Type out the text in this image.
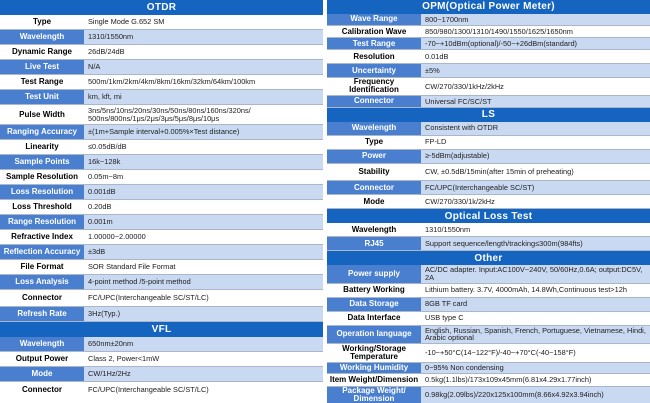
OTDR
Type	Single Mode G.652 SM
Wavelength	1310/1550nm
Dynamic Range	26dB/24dB
Live Test	N/A
Test Range	500m/1km/2km/4km/8km/16km/32km/64km/100km
Test Unit	km, kft, mi
Pulse Width	3ns/5ns/10ns/20ns/30ns/50ns/80ns/160ns/320ns/ 500ns/800ns/1μs/2μs/3μs/5μs/8μs/10μs
Ranging Accuracy	±(1m+Sample interval+0.005%×Test distance)
Linearity	≤0.05dB/dB
Sample Points	16k~128k
Sample Resolution	0.05m~8m
Loss Resolution	0.001dB
Loss Threshold	0.20dB
Range Resolution	0.001m
Refractive Index	1.00000~2.00000
Reflection Accuracy	±3dB
File Format	SOR Standard File Format
Loss Analysis	4-point method /5-point method
Connector	FC/UPC(Interchangeable SC/ST/LC)
Refresh Rate	3Hz(Typ.)
VFL
Wavelength	650nm±20nm
Output Power	Class 2, Power<1mW
Mode	CW/1Hz/2Hz
Connector	FC/UPC(Interchangeable SC/ST/LC)
OPM(Optical Power Meter)
Wave Range	800~1700nm
Calibration Wave	850/980/1300/1310/1490/1550/1625/1650nm
Test Range	-70~+10dBm(optional)/-50~+26dBm(standard)
Resolution	0.01dB
Uncertainty	±5%
Frequency Identification	CW/270/330/1kHz/2kHz
Connector	Universal FC/SC/ST
LS
Wavelength	Consistent with OTDR
Type	FP-LD
Power	≥-5dBm(adjustable)
Stability	CW, ±0.5dB/15min(after 15min of preheating)
Connector	FC/UPC(Interchangeable SC/ST)
Mode	CW/270/330/1k/2kHz
Optical Loss Test
Wavelength	1310/1550nm
RJ45	Support sequence/length/tracking≤300m(984fts)
Other
Power supply	AC/DC adapter. Input:AC100V~240V, 50/60Hz,0.6A; output:DC5V, 2A
Battery Working	Lithium battery. 3.7V, 4000mAh, 14.8Wh,Continuous test>12h
Data Storage	8GB TF card
Data Interface	USB type C
Operation language	English, Russian, Spanish, French, Portuguese, Vietnamese, Hindi, Arabic optional
Working/Storage Temperature	-10~+50°C(14~122°F)/-40~+70°C(-40~158°F)
Working Humidity	0~95% Non condensing
Item Weight/Dimension 0.5kg(1.1lbs)/173x109x45mm(6.81x4.29x1.77inch)
Package Weight/ Dimension	0.98kg(2.09lbs)/220x125x100mm(8.66x4.92x3.94inch)
